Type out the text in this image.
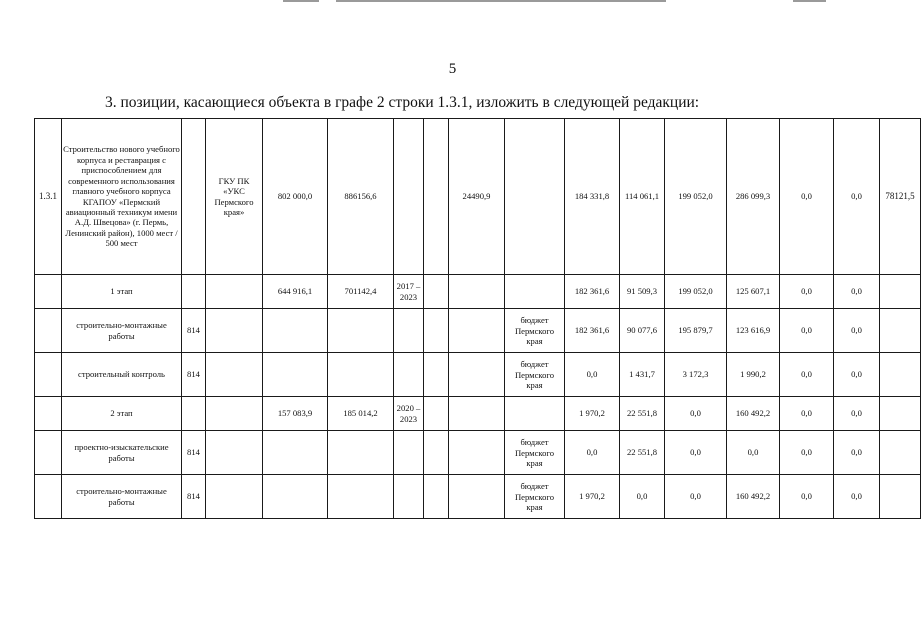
5
3. позиции, касающиеся объекта в графе 2 строки 1.3.1, изложить в следующей редакции:
1.3.1	Строительство нового учебного корпуса и реставрация с приспособлением для современного использования главного учебного корпуса КГАПОУ «Пермский авиационный техникум имени А.Д. Швецова» (г. Пермь, Ленинский район), 1000 мест / 500 мест		ГКУ ПК «УКС Пермского края»	802 000,0	886156,6			24490,9		184 331,8	114 061,1	199 052,0	286 099,3	0,0	0,0	78121,5
	1 этап			644 916,1	701142,4	2017 – 2023				182 361,6	91 509,3	199 052,0	125 607,1	0,0	0,0	
	строительно-монтажные работы	814							бюджет Пермского края	182 361,6	90 077,6	195 879,7	123 616,9	0,0	0,0	
	строительный контроль	814							бюджет Пермского края	0,0	1 431,7	3 172,3	1 990,2	0,0	0,0	
	2 этап			157 083,9	185 014,2	2020 – 2023				1 970,2	22 551,8	0,0	160 492,2	0,0	0,0	
	проектно-изыскательские работы	814							бюджет Пермского края	0,0	22 551,8	0,0	0,0	0,0	0,0	
	строительно-монтажные работы	814							бюджет Пермского края	1 970,2	0,0	0,0	160 492,2	0,0	0,0	
